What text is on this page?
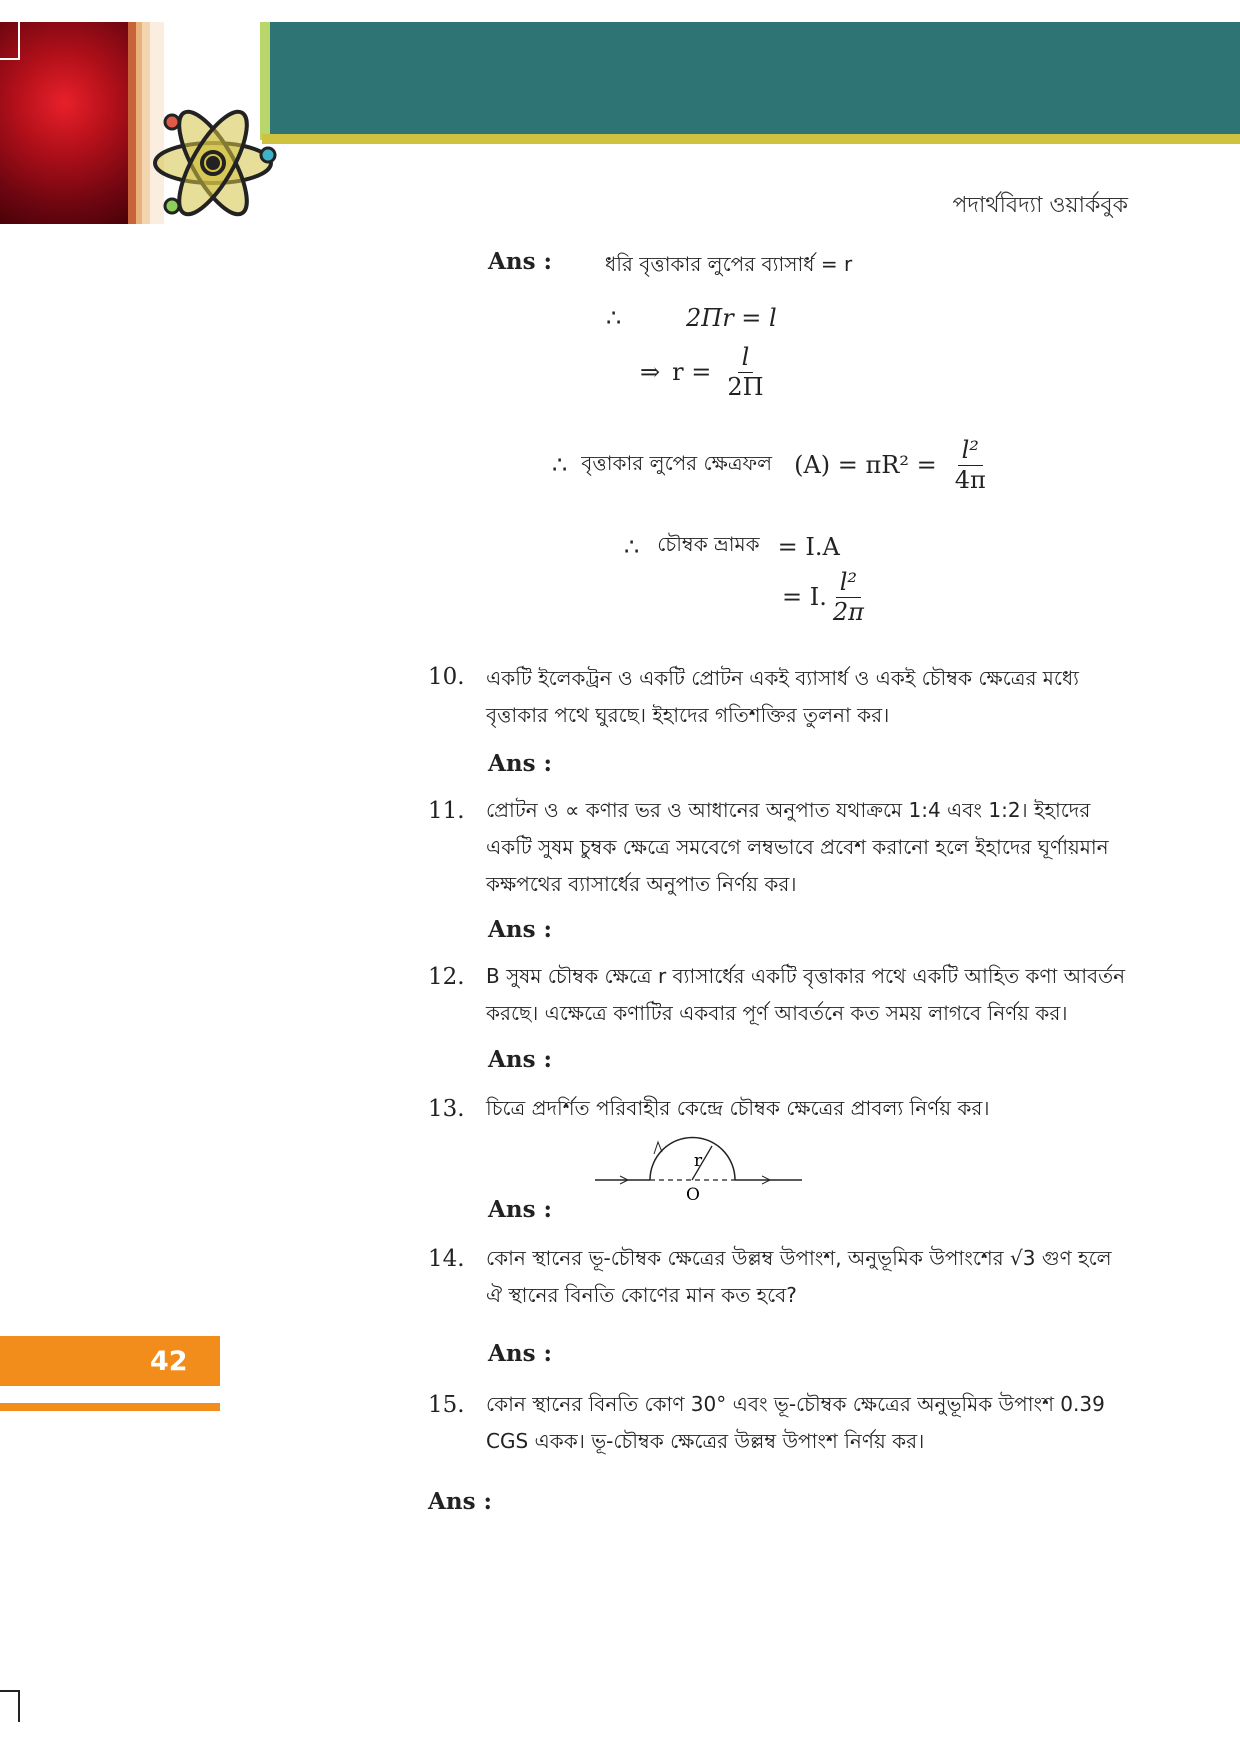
পদার্থবিদ্যা ওয়ার্কবুক
Ans :	ধরি বৃত্তাকার লুপের ব্যাসার্ধ = r
∴	2Πr = l
⇒ $r = \frac{l}{2\Pi}$
∴ বৃত্তাকার লুপের ক্ষেত্রফল $(A) = \pi R^2 = \frac{\text{l²}}{4\pi}$
∴ চৌম্বক ভ্রামক = I.A
= I. $\frac{\text{l²}}{2\pi}$
10.	একটি ইলেকট্রন ও একটি প্রোটন একই ব্যাসার্ধ ও একই চৌম্বক ক্ষেত্রের মধ্যে বৃত্তাকার পথে ঘুরছে। ইহাদের গতিশক্তির তুলনা কর।
Ans :
11.	প্রোটন ও ∝ কণার ভর ও আধানের অনুপাত যথাক্রমে 1:4 এবং 1:2। ইহাদের একটি সুষম চুম্বক ক্ষেত্রে সমবেগে লম্বভাবে প্রবেশ করানো হলে ইহাদের ঘূর্ণায়মান কক্ষপথের ব্যাসার্ধের অনুপাত নির্ণয় কর।
Ans :
12.	B সুষম চৌম্বক ক্ষেত্রে r ব্যাসার্ধের একটি বৃত্তাকার পথে একটি আহিত কণা আবর্তন করছে। এক্ষেত্রে কণাটির একবার পূর্ণ আবর্তনে কত সময় লাগবে নির্ণয় কর।
Ans :
13.	চিত্রে প্রদর্শিত পরিবাহীর কেন্দ্রে চৌম্বক ক্ষেত্রের প্রাবল্য নির্ণয় কর।
r
O
Ans :
14.	কোন স্থানের ভূ-চৌম্বক ক্ষেত্রের উল্লম্ব উপাংশ, অনুভূমিক উপাংশের √3 গুণ হলে ঐ স্থানের বিনতি কোণের মান কত হবে?
Ans :
15.	কোন স্থানের বিনতি কোণ 30° এবং ভূ-চৌম্বক ক্ষেত্রের অনুভূমিক উপাংশ 0.39 CGS একক। ভূ-চৌম্বক ক্ষেত্রের উল্লম্ব উপাংশ নির্ণয় কর।
Ans :
42
